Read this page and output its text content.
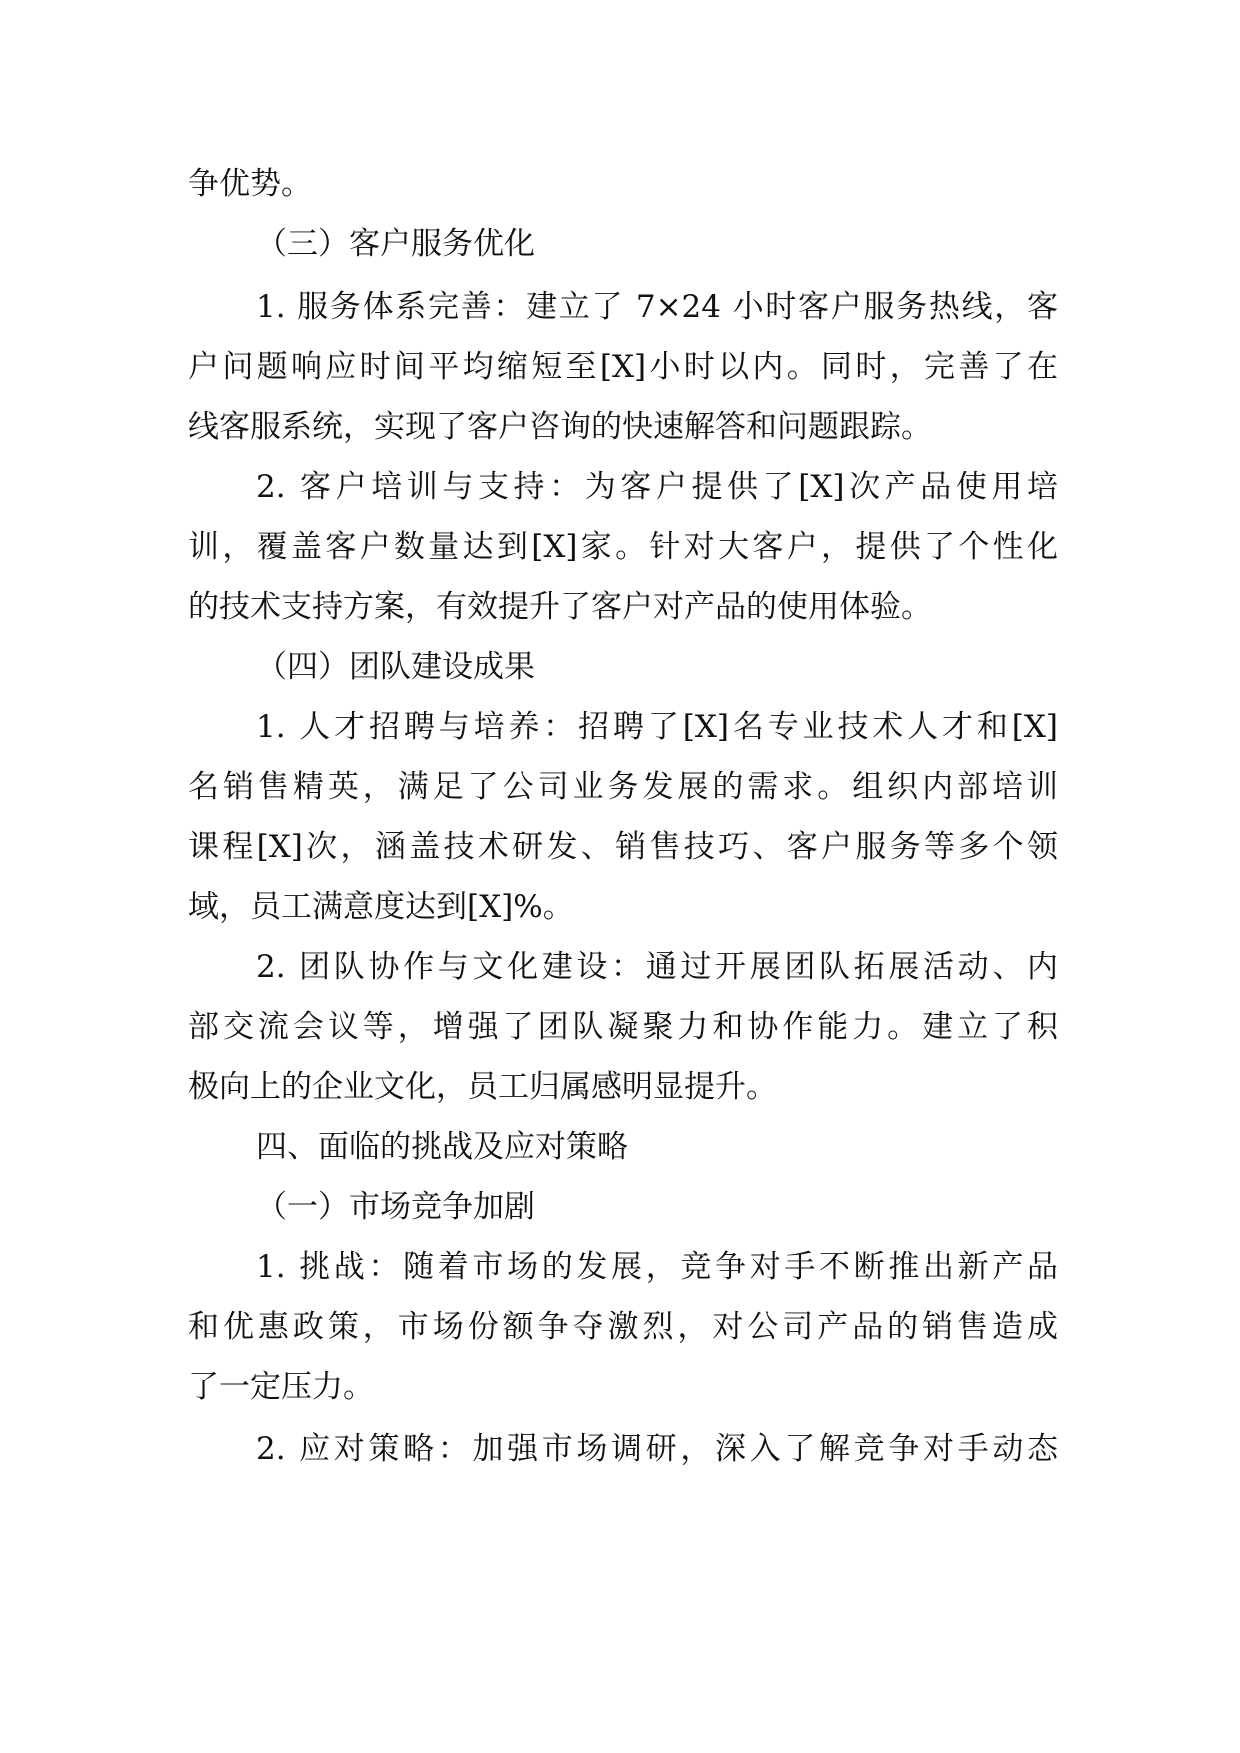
争优势。
（三）客户服务优化
1. 服务体系完善：建立了 7×24 小时客户服务热线，客
户问题响应时间平均缩短至[X]小时以内。同时，完善了在
线客服系统，实现了客户咨询的快速解答和问题跟踪。
2. 客户培训与支持：为客户提供了[X]次产品使用培
训，覆盖客户数量达到[X]家。针对大客户，提供了个性化
的技术支持方案，有效提升了客户对产品的使用体验。
（四）团队建设成果
1. 人才招聘与培养：招聘了[X]名专业技术人才和[X]
名销售精英，满足了公司业务发展的需求。组织内部培训
课程[X]次，涵盖技术研发、销售技巧、客户服务等多个领
域，员工满意度达到[X]%。
2. 团队协作与文化建设：通过开展团队拓展活动、内
部交流会议等，增强了团队凝聚力和协作能力。建立了积
极向上的企业文化，员工归属感明显提升。
四、面临的挑战及应对策略
（一）市场竞争加剧
1. 挑战：随着市场的发展，竞争对手不断推出新产品
和优惠政策，市场份额争夺激烈，对公司产品的销售造成
了一定压力。
2. 应对策略：加强市场调研，深入了解竞争对手动态
